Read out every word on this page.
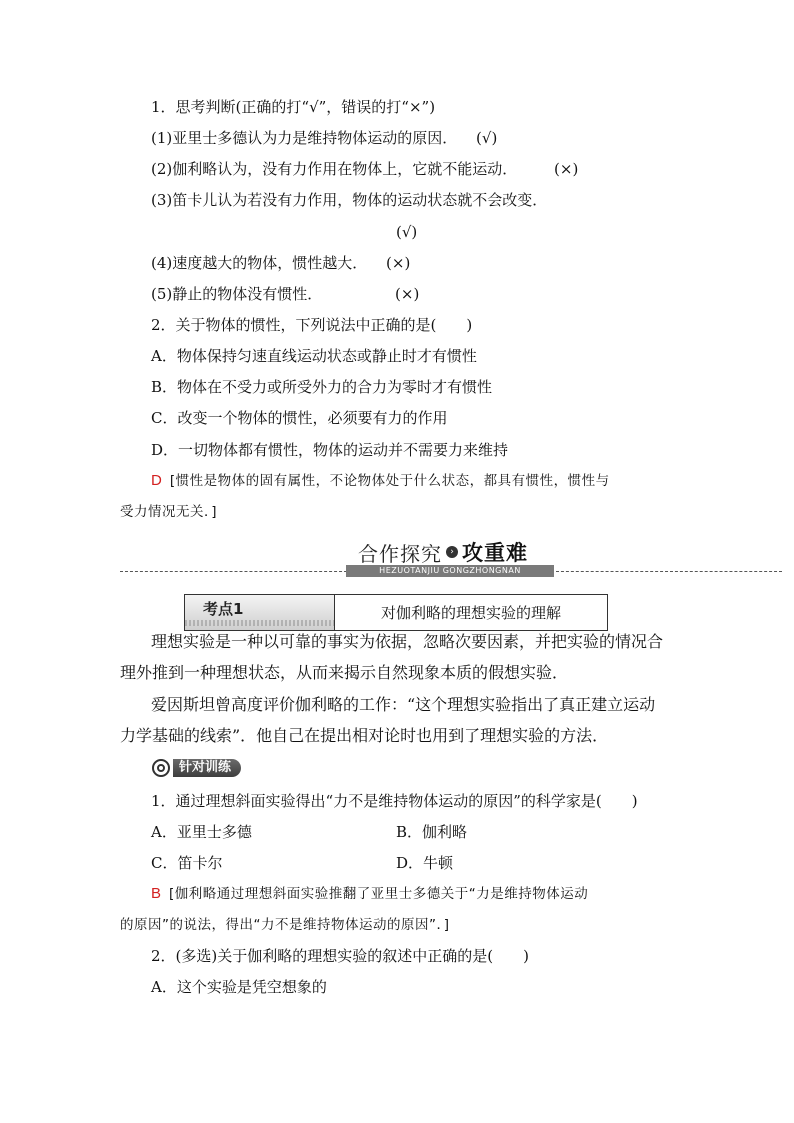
1．思考判断(正确的打“√”，错误的打“×”)
(1)亚里士多德认为力是维持物体运动的原因． (√)
(2)伽利略认为，没有力作用在物体上，它就不能运动． (×)
(3)笛卡儿认为若没有力作用，物体的运动状态就不会改变．
(√)
(4)速度越大的物体，惯性越大． (×)
(5)静止的物体没有惯性．	(×)
2．关于物体的惯性，下列说法中正确的是(　　)
A．物体保持匀速直线运动状态或静止时才有惯性
B．物体在不受力或所受外力的合力为零时才有惯性
C．改变一个物体的惯性，必须要有力的作用
D．一切物体都有惯性，物体的运动并不需要力来维持
D [惯性是物体的固有属性，不论物体处于什么状态，都具有惯性，惯性与
受力情况无关．]
合作探究 › 攻重难
HEZUOTANJIU GONGZHONGNAN
考点1	对伽利略的理想实验的理解
理想实验是一种以可靠的事实为依据，忽略次要因素，并把实验的情况合
理外推到一种理想状态，从而来揭示自然现象本质的假想实验．
爱因斯坦曾高度评价伽利略的工作：“这个理想实验指出了真正建立运动
力学基础的线索”．他自己在提出相对论时也用到了理想实验的方法．
针对训练
1．通过理想斜面实验得出“力不是维持物体运动的原因”的科学家是(　　)
A．亚里士多德	B．伽利略
C．笛卡尔	D．牛顿
B [伽利略通过理想斜面实验推翻了亚里士多德关于“力是维持物体运动
的原因”的说法，得出“力不是维持物体运动的原因”．]
2．(多选)关于伽利略的理想实验的叙述中正确的是(　　)
A．这个实验是凭空想象的
